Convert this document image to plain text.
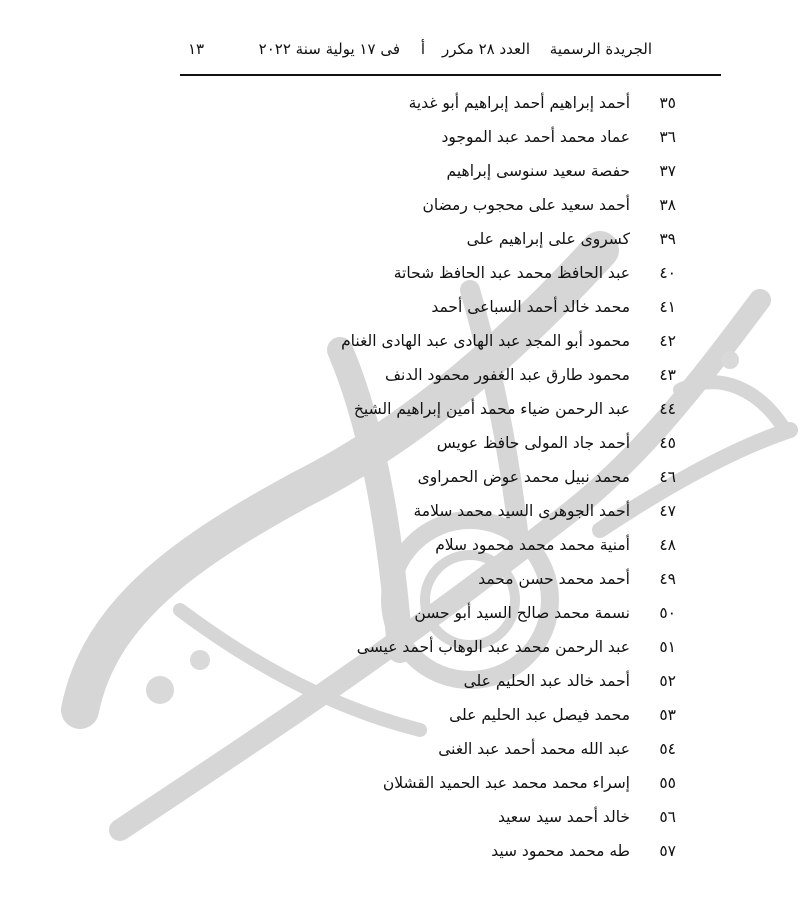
الجريدة الرسمية
العدد ٢٨ مكرر
أ
فى ١٧ يولية سنة ٢٠٢٢
١٣
٣٥
أحمد إبراهيم أحمد إبراهيم أبو غدية
٣٦
عماد محمد أحمد عبد الموجود
٣٧
حفصة سعيد سنوسى إبراهيم
٣٨
أحمد سعيد على محجوب رمضان
٣٩
كسروى على إبراهيم على
٤٠
عبد الحافظ محمد عبد الحافظ شحاتة
٤١
محمد خالد أحمد السباعى أحمد
٤٢
محمود أبو المجد عبد الهادى عبد الهادى الغنام
٤٣
محمود طارق عبد الغفور محمود الدنف
٤٤
عبد الرحمن ضياء محمد أمين إبراهيم الشيخ
٤٥
أحمد جاد المولى حافظ عويس
٤٦
محمد نبيل محمد عوض الحمراوى
٤٧
أحمد الجوهرى السيد محمد سلامة
٤٨
أمنية محمد محمد محمود سلام
٤٩
أحمد محمد حسن محمد
٥٠
نسمة محمد صالح السيد أبو حسن
٥١
عبد الرحمن محمد عبد الوهاب أحمد عيسى
٥٢
أحمد خالد عبد الحليم على
٥٣
محمد فيصل عبد الحليم على
٥٤
عبد الله محمد أحمد عبد الغنى
٥٥
إسراء محمد محمد عبد الحميد القشلان
٥٦
خالد أحمد سيد سعيد
٥٧
طه محمد محمود سيد
